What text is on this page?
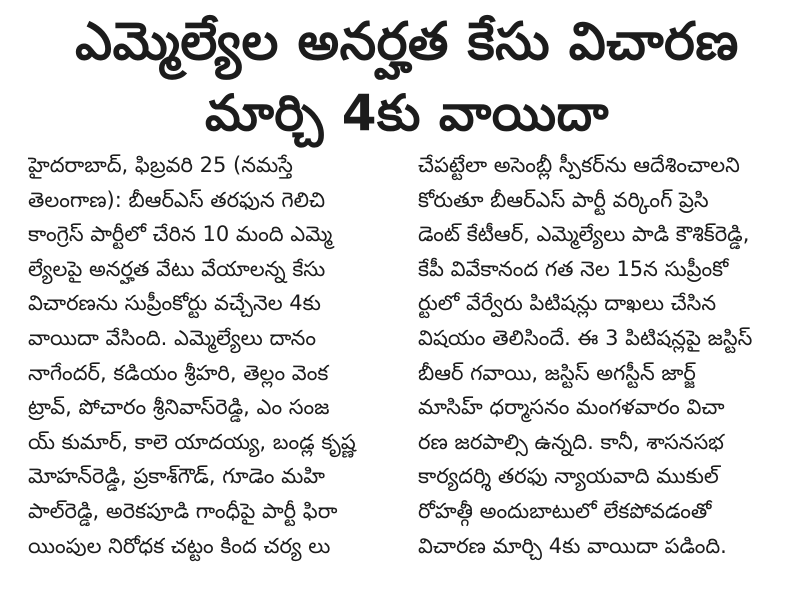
ఎమ్మెల్యేల అనర్హత కేసు విచారణ
మార్చి 4కు వాయిదా
హైదరాబాద్, ఫిబ్రవరి 25 (నమస్తే
తెలంగాణ): బీఆర్‌ఎస్ తరఫున గెలిచి
కాంగ్రెస్ పార్టీలో చేరిన 10 మంది ఎమ్మె
ల్యేలపై అనర్హత వేటు వేయాలన్న కేసు
విచారణను సుప్రీంకోర్టు వచ్చేనెల 4కు
వాయిదా వేసింది. ఎమ్మెల్యేలు దానం
నాగేందర్, కడియం శ్రీహరి, తెల్లం వెంక
ట్రావ్, పోచారం శ్రీనివాస్‌రెడ్డి, ఎం సంజ
య్ కుమార్, కాలె యాదయ్య, బండ్ల కృష్ణ
మోహన్‌రెడ్డి, ప్రకాశ్‌గౌడ్, గూడెం మహి
పాల్‌రెడ్డి, అరెకపూడి గాంధీపై పార్టీ ఫిరా
యింపుల నిరోధక చట్టం కింద చర్య లు
చేపట్టేలా అసెంబ్లీ స్పీకర్‌ను ఆదేశించాలని
కోరుతూ బీఆర్‌ఎస్ పార్టీ వర్కింగ్ ప్రెసి
డెంట్ కేటీఆర్, ఎమ్మెల్యేలు పాడి కౌశిక్‌రెడ్డి,
కేపీ వివేకానంద గత నెల 15న సుప్రీంకో
ర్టులో వేర్వేరు పిటిషన్లు దాఖలు చేసిన
విషయం తెలిసిందే. ఈ 3 పిటిషన్లపై జస్టిస్
బీఆర్ గవాయి, జస్టిస్ అగస్టీన్ జార్జ్
మాసిహ్ ధర్మాసనం మంగళవారం విచా
రణ జరపాల్సి ఉన్నది. కానీ, శాసనసభ
కార్యదర్శి తరఫు న్యాయవాది ముకుల్
రోహత్గీ అందుబాటులో లేకపోవడంతో
విచారణ మార్చి 4కు వాయిదా పడింది.
